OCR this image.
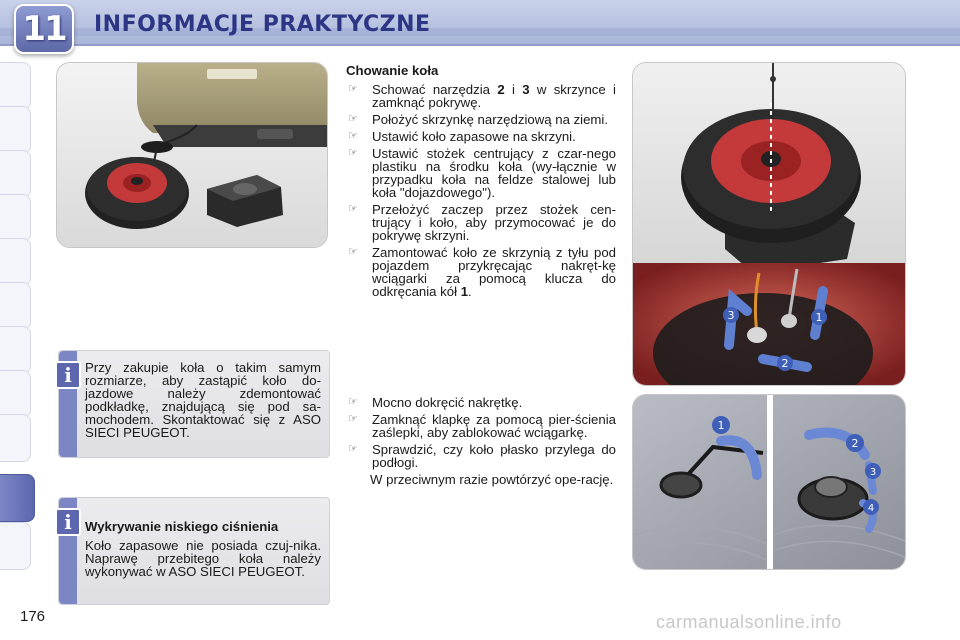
11	INFORMACJE PRAKTYCZNE
i	Przy zakupie koła o takim samym rozmiarze, aby zastąpić koło do-jazdowe należy zdemontować podkładkę, znajdującą się pod sa-mochodem. Skontaktować się z ASO SIECI PEUGEOT.
i	Wykrywanie niskiego ciśnienia
Koło zapasowe nie posiada czuj-nika. Naprawę przebitego koła należy wykonywać w ASO SIECI PEUGEOT.
Chowanie koła
☞	Schować narzędzia 2 i 3 w skrzynce i zamknąć pokrywę.
☞	Położyć skrzynkę narzędziową na ziemi.
☞	Ustawić koło zapasowe na skrzyni.
☞	Ustawić stożek centrujący z czar-nego plastiku na środku koła (wy-łącznie w przypadku koła na feldze stalowej lub koła "dojazdowego").
☞	Przełożyć zaczep przez stożek cen-trujący i koło, aby przymocować je do pokrywę skrzyni.
☞	Zamontować koło ze skrzynią z tyłu pod pojazdem przykręcając nakręt-kę wciągarki za pomocą klucza do odkręcania kół 1.
☞	Mocno dokręcić nakrętkę.
☞	Zamknąć klapkę za pomocą pier-ścienia zaślepki, aby zablokować wciągarkę.
☞	Sprawdzić, czy koło płasko przylega do podłogi.
W przeciwnym razie powtórzyć ope-rację.
3	1
2
1
2
3
4
176	carmanualsonline.info
